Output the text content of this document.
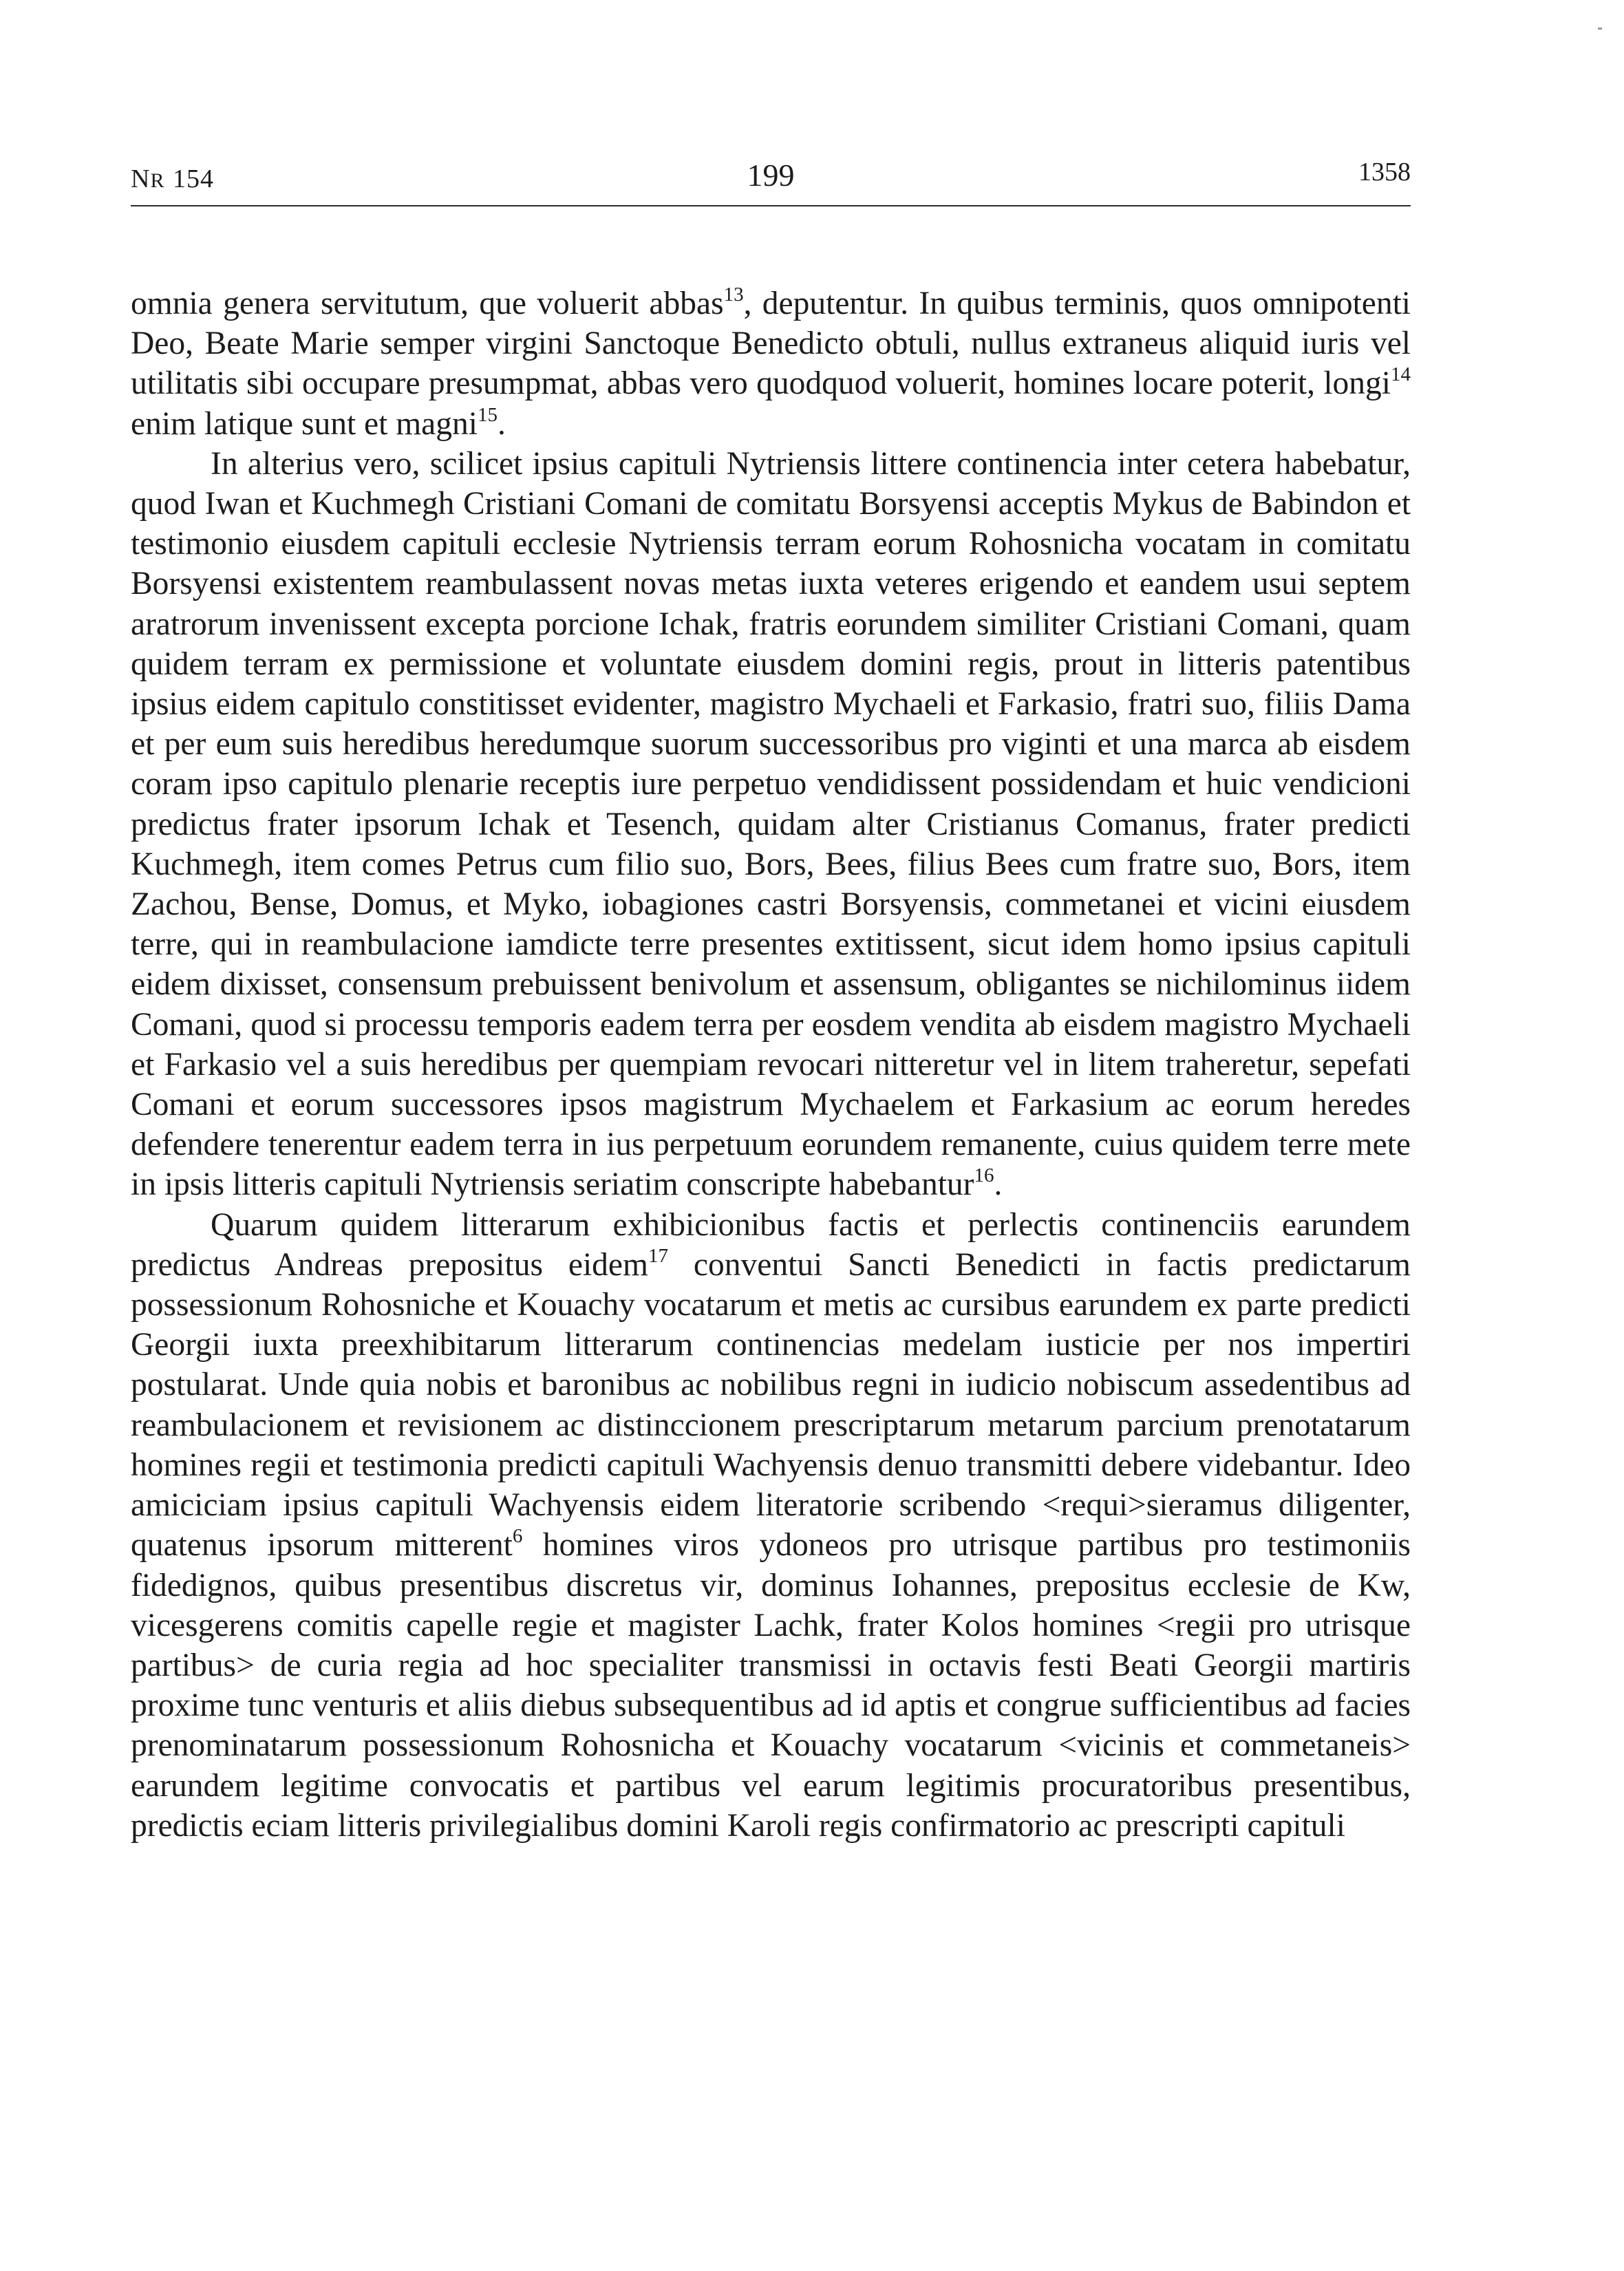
NR 154	199	1358

omnia genera servitutum, que voluerit abbas$^{13}$, deputentur. In quibus terminis, quos omnipotenti Deo, Beate Marie semper virgini Sanctoque Benedicto obtuli, nullus extraneus aliquid iuris vel utilitatis sibi occupare presumpmat, abbas vero quodquod voluerit, homines locare poterit, longi$^{14}$ enim latique sunt et magni$^{15}$.

In alterius vero, scilicet ipsius capituli Nytriensis littere continencia inter cetera habebatur, quod Iwan et Kuchmegh Cristiani Comani de comitatu Borsyensi acceptis Mykus de Babindon et testimonio eiusdem capituli ecclesie Nytriensis terram eorum Rohosnicha vocatam in comitatu Borsyensi existentem reambulassent novas metas iuxta veteres erigendo et eandem usui septem aratrorum invenissent excepta porcione Ichak, fratris eorundem similiter Cristiani Comani, quam quidem terram ex permissione et voluntate eiusdem domini regis, prout in litteris patentibus ipsius eidem capitulo constitisset evidenter, magistro Mychaeli et Farkasio, fratri suo, filiis Dama et per eum suis heredibus heredumque suorum successoribus pro viginti et una marca ab eisdem coram ipso capitulo plenarie receptis iure perpetuo vendidissent possidendam et huic vendicioni predictus frater ipsorum Ichak et Tesench, quidam alter Cristianus Comanus, frater predicti Kuchmegh, item comes Petrus cum filio suo, Bors, Bees, filius Bees cum fratre suo, Bors, item Zachou, Bense, Domus, et Myko, iobagiones castri Borsyensis, commetanei et vicini eiusdem terre, qui in reambulacione iamdicte terre presentes extitissent, sicut idem homo ipsius capituli eidem dixisset, consensum prebuissent benivolum et assensum, obligantes se nichilominus iidem Comani, quod si processu temporis eadem terra per eosdem vendita ab eisdem magistro Mychaeli et Farkasio vel a suis heredibus per quempiam revocari nitteretur vel in litem traheretur, sepefati Comani et eorum successores ipsos magistrum Mychaelem et Farkasium ac eorum heredes defendere tenerentur eadem terra in ius perpetuum eorundem remanente, cuius quidem terre mete in ipsis litteris capituli Nytriensis seriatim conscripte habebantur$^{16}$.

Quarum quidem litterarum exhibicionibus factis et perlectis continenciis earundem predictus Andreas prepositus eidem$^{17}$ conventui Sancti Benedicti in factis predictarum possessionum Rohosniche et Kouachy vocatarum et metis ac cursibus earundem ex parte predicti Georgii iuxta preexhibitarum litterarum continencias medelam iusticie per nos impertiri postularat. Unde quia nobis et baronibus ac nobilibus regni in iudicio nobiscum assedentibus ad reambulacionem et revisionem ac distinccionem prescriptarum metarum parcium prenotatarum homines regii et testimonia predicti capituli Wachyensis denuo transmitti debere videbantur. Ideo amiciciam ipsius capituli Wachyensis eidem literatorie scribendo <requi>sieramus diligenter, quatenus ipsorum mitterent$^6$ homines viros ydoneos pro utrisque partibus pro testimoniis fidedignos, quibus presentibus discretus vir, dominus Iohannes, prepositus ecclesie de Kw, vicesgerens comitis capelle regie et magister Lachk, frater Kolos homines <regii pro utrisque partibus> de curia regia ad hoc specialiter transmissi in octavis festi Beati Georgii martiris proxime tunc venturis et aliis diebus subsequentibus ad id aptis et congrue sufficientibus ad facies prenominatarum possessionum Rohosnicha et Kouachy vocatarum <vicinis et commetaneis> earundem legitime convocatis et partibus vel earum legitimis procuratoribus presentibus, predictis eciam litteris privilegialibus domini Karoli regis confirmatorio ac prescripti capituli
